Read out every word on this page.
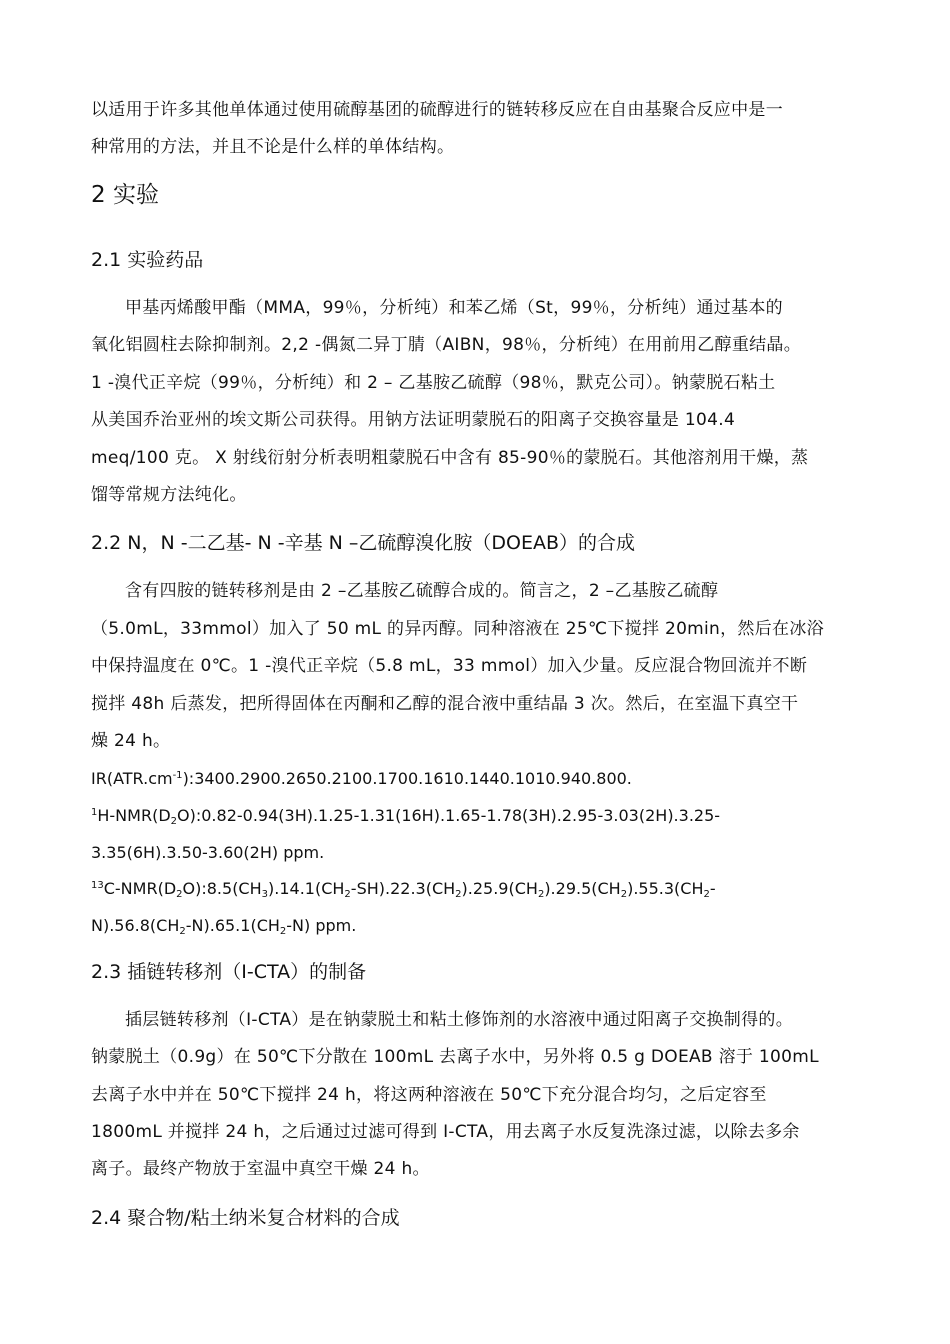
以适用于许多其他单体通过使用硫醇基团的硫醇进行的链转移反应在自由基聚合反应中是一
种常用的方法，并且不论是什么样的单体结构。
2 实验
2.1 实验药品
甲基丙烯酸甲酯（MMA，99％，分析纯）和苯乙烯（St，99％，分析纯）通过基本的
氧化铝圆柱去除抑制剂。2,2 -偶氮二异丁腈（AIBN，98％，分析纯）在用前用乙醇重结晶。
1 -溴代正辛烷（99％，分析纯）和 2 – 乙基胺乙硫醇（98％，默克公司）。钠蒙脱石粘土
从美国乔治亚州的埃文斯公司获得。用钠方法证明蒙脱石的阳离子交换容量是 104.4
meq/100 克。 X 射线衍射分析表明粗蒙脱石中含有 85-90％的蒙脱石。其他溶剂用干燥，蒸
馏等常规方法纯化。
2.2 N，N -二乙基- N -辛基 N –乙硫醇溴化胺（DOEAB）的合成
含有四胺的链转移剂是由 2 –乙基胺乙硫醇合成的。简言之，2 –乙基胺乙硫醇
（5.0mL，33mmol）加入了 50 mL 的异丙醇。同种溶液在 25℃下搅拌 20min，然后在冰浴
中保持温度在 0℃。1 -溴代正辛烷（5.8 mL，33 mmol）加入少量。反应混合物回流并不断
搅拌 48h 后蒸发，把所得固体在丙酮和乙醇的混合液中重结晶 3 次。然后，在室温下真空干
燥 24 h。
$IR(ATR.cm^{-1}):3400.2900.2650.2100.1700.1610.1440.1010.940.800$.
$^1H-NMR(D_2O):0.82-0.94(3H).1.25-1.31(16H).1.65-1.78(3H).2.95-3.03(2H).3.25-$
3.35(6H).3.50-3.60(2H) ppm.
$^{13}C-NMR(D_2O):8.5(CH_3).14.1(CH_2-SH).22.3(CH_2).25.9(CH_2).29.5(CH_2).55.3(CH_2-$
$N).56.8(CH_2-N).65.1(CH_2-N)$ ppm.
2.3 插链转移剂（I-CTA）的制备
插层链转移剂（I-CTA）是在钠蒙脱土和粘土修饰剂的水溶液中通过阳离子交换制得的。
钠蒙脱土（0.9g）在 50℃下分散在 100mL 去离子水中，另外将 0.5 g DOEAB 溶于 100mL
去离子水中并在 50℃下搅拌 24 h，将这两种溶液在 50℃下充分混合均匀，之后定容至
1800mL 并搅拌 24 h，之后通过过滤可得到 I-CTA，用去离子水反复洗涤过滤，以除去多余
离子。最终产物放于室温中真空干燥 24 h。
2.4 聚合物/粘土纳米复合材料的合成
